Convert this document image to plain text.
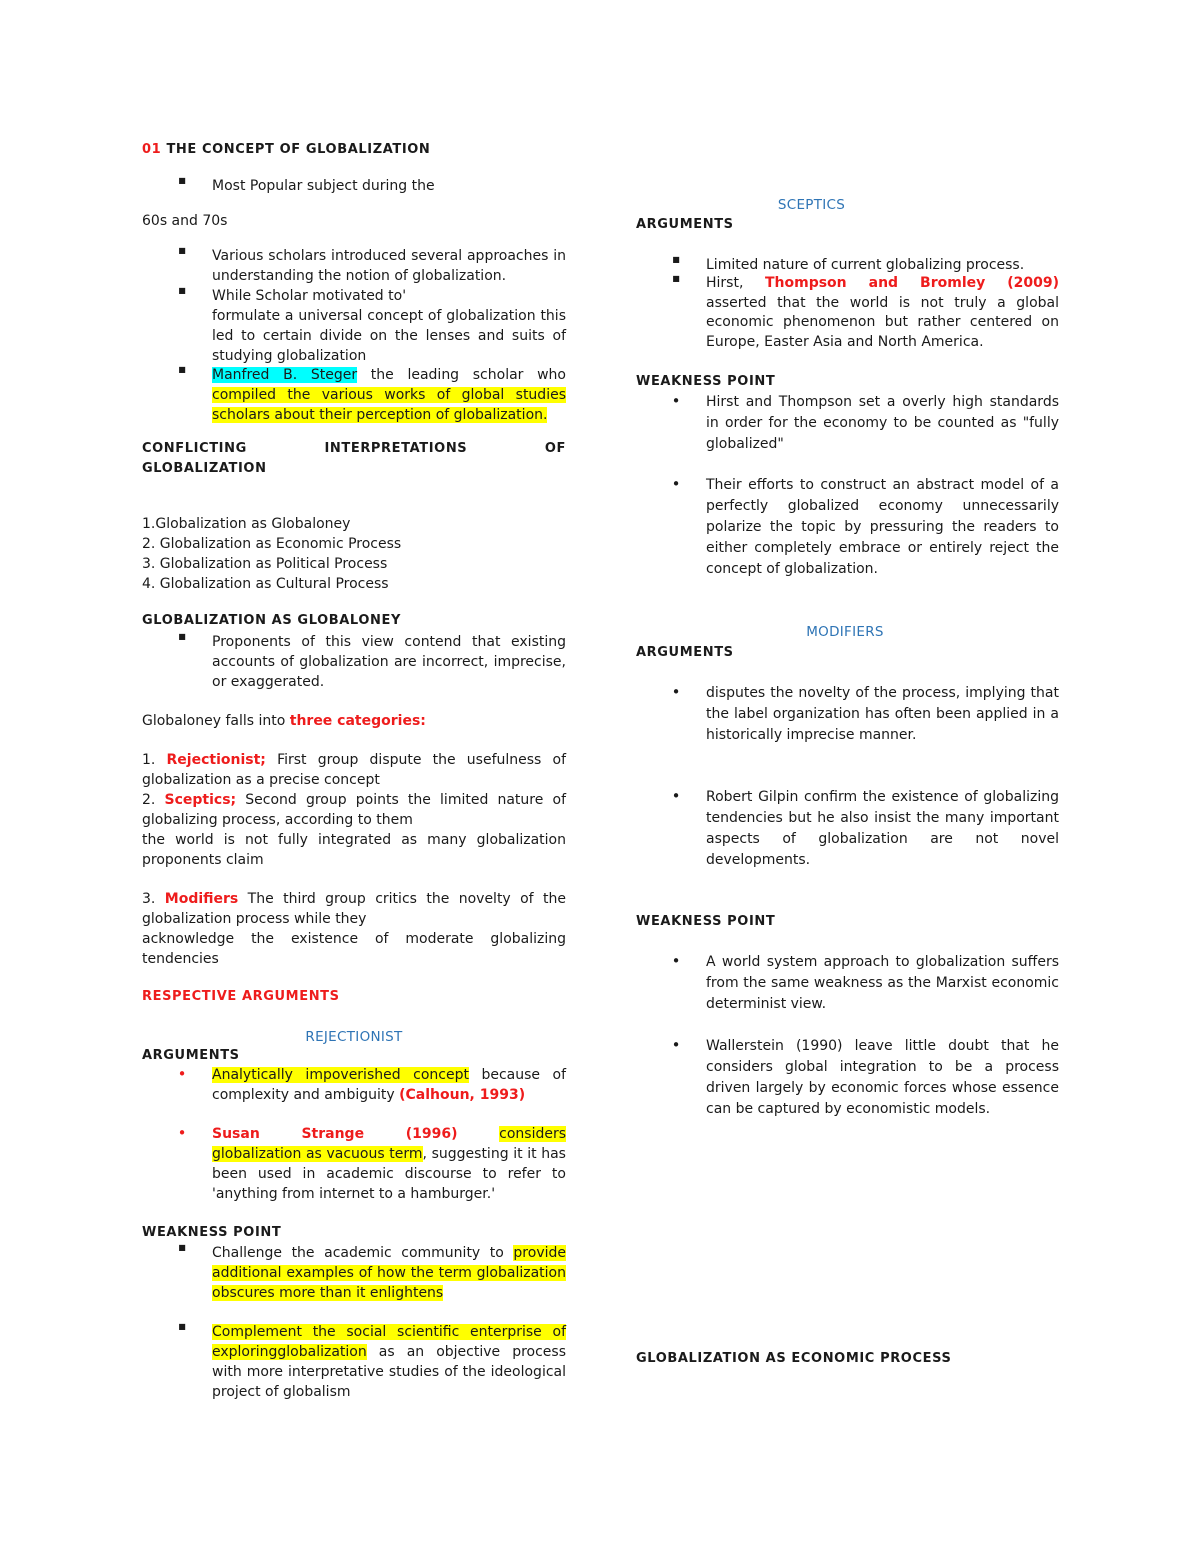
01 THE CONCEPT OF GLOBALIZATION
■ Most Popular subject during the
60s and 70s
■ Various scholars introduced several approaches in understanding the notion of globalization.
■ While Scholar motivated to'
formulate a universal concept of globalization this led to certain divide on the lenses and suits of studying globalization
■ Manfred B. Steger the leading scholar who compiled the various works of global studies scholars about their perception of globalization.
CONFLICTING	INTERPRETATIONS	OF
GLOBALIZATION
1.Globalization as Globaloney
2. Globalization as Economic Process
3. Globalization as Political Process
4. Globalization as Cultural Process
GLOBALIZATION AS GLOBALONEY
■ Proponents of this view contend that existing accounts of globalization are incorrect, imprecise, or exaggerated.
Globaloney falls into three categories:
1. Rejectionist; First group dispute the usefulness of globalization as a precise concept
2. Sceptics; Second group points the limited nature of globalizing process, according to them
the world is not fully integrated as many globalization proponents claim
3. Modifiers The third group critics the novelty of the globalization process while they
acknowledge the existence of moderate globalizing tendencies
RESPECTIVE ARGUMENTS
REJECTIONIST
ARGUMENTS
• Analytically impoverished concept because of complexity and ambiguity (Calhoun, 1993)
• Susan	Strange	(1996)	considers
globalization as vacuous term, suggesting it it has been used in academic discourse to refer to 'anything from internet to a hamburger.'
WEAKNESS POINT
■ Challenge the academic community to provide additional examples of how the term globalization obscures more than it enlightens
■ Complement the social scientific enterprise of exploringglobalization as an objective process with more interpretative studies of the ideological project of globalism
SCEPTICS
ARGUMENTS
■ Limited nature of current globalizing process.
■ Hirst, Thompson and Bromley (2009)
asserted that the world is not truly a global economic phenomenon but rather centered on Europe, Easter Asia and North America.
WEAKNESS POINT
• Hirst and Thompson set a overly high standards in order for the economy to be counted as "fully globalized"
• Their efforts to construct an abstract model of a perfectly globalized economy unnecessarily polarize the topic by pressuring the readers to either completely embrace or entirely reject the concept of globalization.
MODIFIERS
ARGUMENTS
• disputes the novelty of the process, implying that the label organization has often been applied in a historically imprecise manner.
• Robert Gilpin confirm the existence of globalizing tendencies but he also insist the many important aspects of globalization are not novel developments.
WEAKNESS POINT
• A world system approach to globalization suffers from the same weakness as the Marxist economic determinist view.
• Wallerstein (1990) leave little doubt that he considers global integration to be a process driven largely by economic forces whose essence can be captured by economistic models.
GLOBALIZATION AS ECONOMIC PROCESS
